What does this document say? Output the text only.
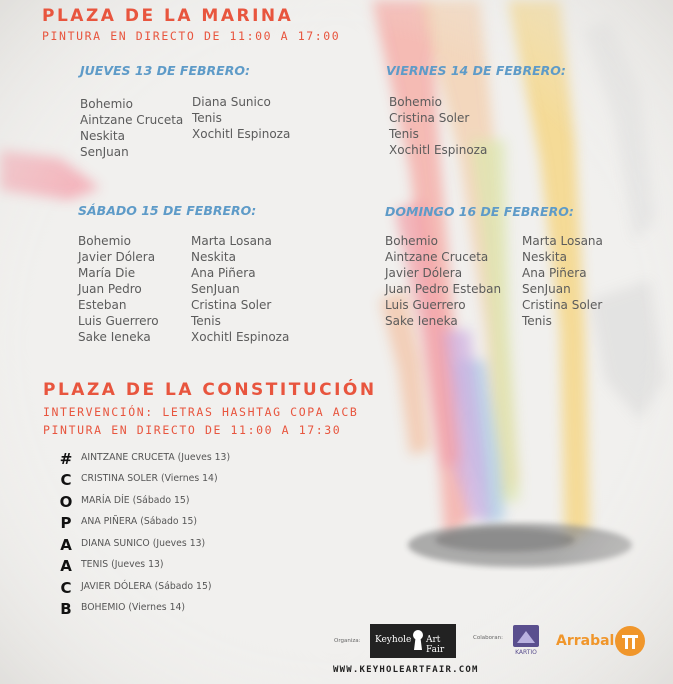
PLAZA DE LA MARINA
PINTURA EN DIRECTO DE 11:00 A 17:00
JUEVES 13 DE FEBRERO:
Bohemio
Aintzane Cruceta
Neskita
SenJuan
Diana Sunico
Tenis
Xochitl Espinoza
VIERNES 14 DE FEBRERO:
Bohemio
Cristina Soler
Tenis
Xochitl Espinoza
SÁBADO 15 DE FEBRERO:
Bohemio
Javier Dólera
María Die
Juan Pedro
Esteban
Luis Guerrero
Sake Ieneka
Marta Losana
Neskita
Ana Piñera
SenJuan
Cristina Soler
Tenis
Xochitl Espinoza
DOMINGO 16 DE FEBRERO:
Bohemio
Aintzane Cruceta
Javier Dólera
Juan Pedro Esteban
Luis Guerrero
Sake Ieneka
Marta Losana
Neskita
Ana Piñera
SenJuan
Cristina Soler
Tenis
PLAZA DE LA CONSTITUCIÓN
INTERVENCIÓN: LETRAS HASHTAG COPA ACB
PINTURA EN DIRECTO DE 11:00 A 17:30
# AINTZANE CRUCETA (Jueves 13)
C CRISTINA SOLER (Viernes 14)
O MARÍA DÍE (Sábado 15)
P ANA PIÑERA (Sábado 15)
A DIANA SUNICO (Jueves 13)
A TENIS (Jueves 13)
C JAVIER DÓLERA (Sábado 15)
B BOHEMIO (Viernes 14)
Organiza: Keyhole Art Fair
Colaboran:
KARTIO
Arrabal
WWW.KEYHOLEARTFAIR.COM
